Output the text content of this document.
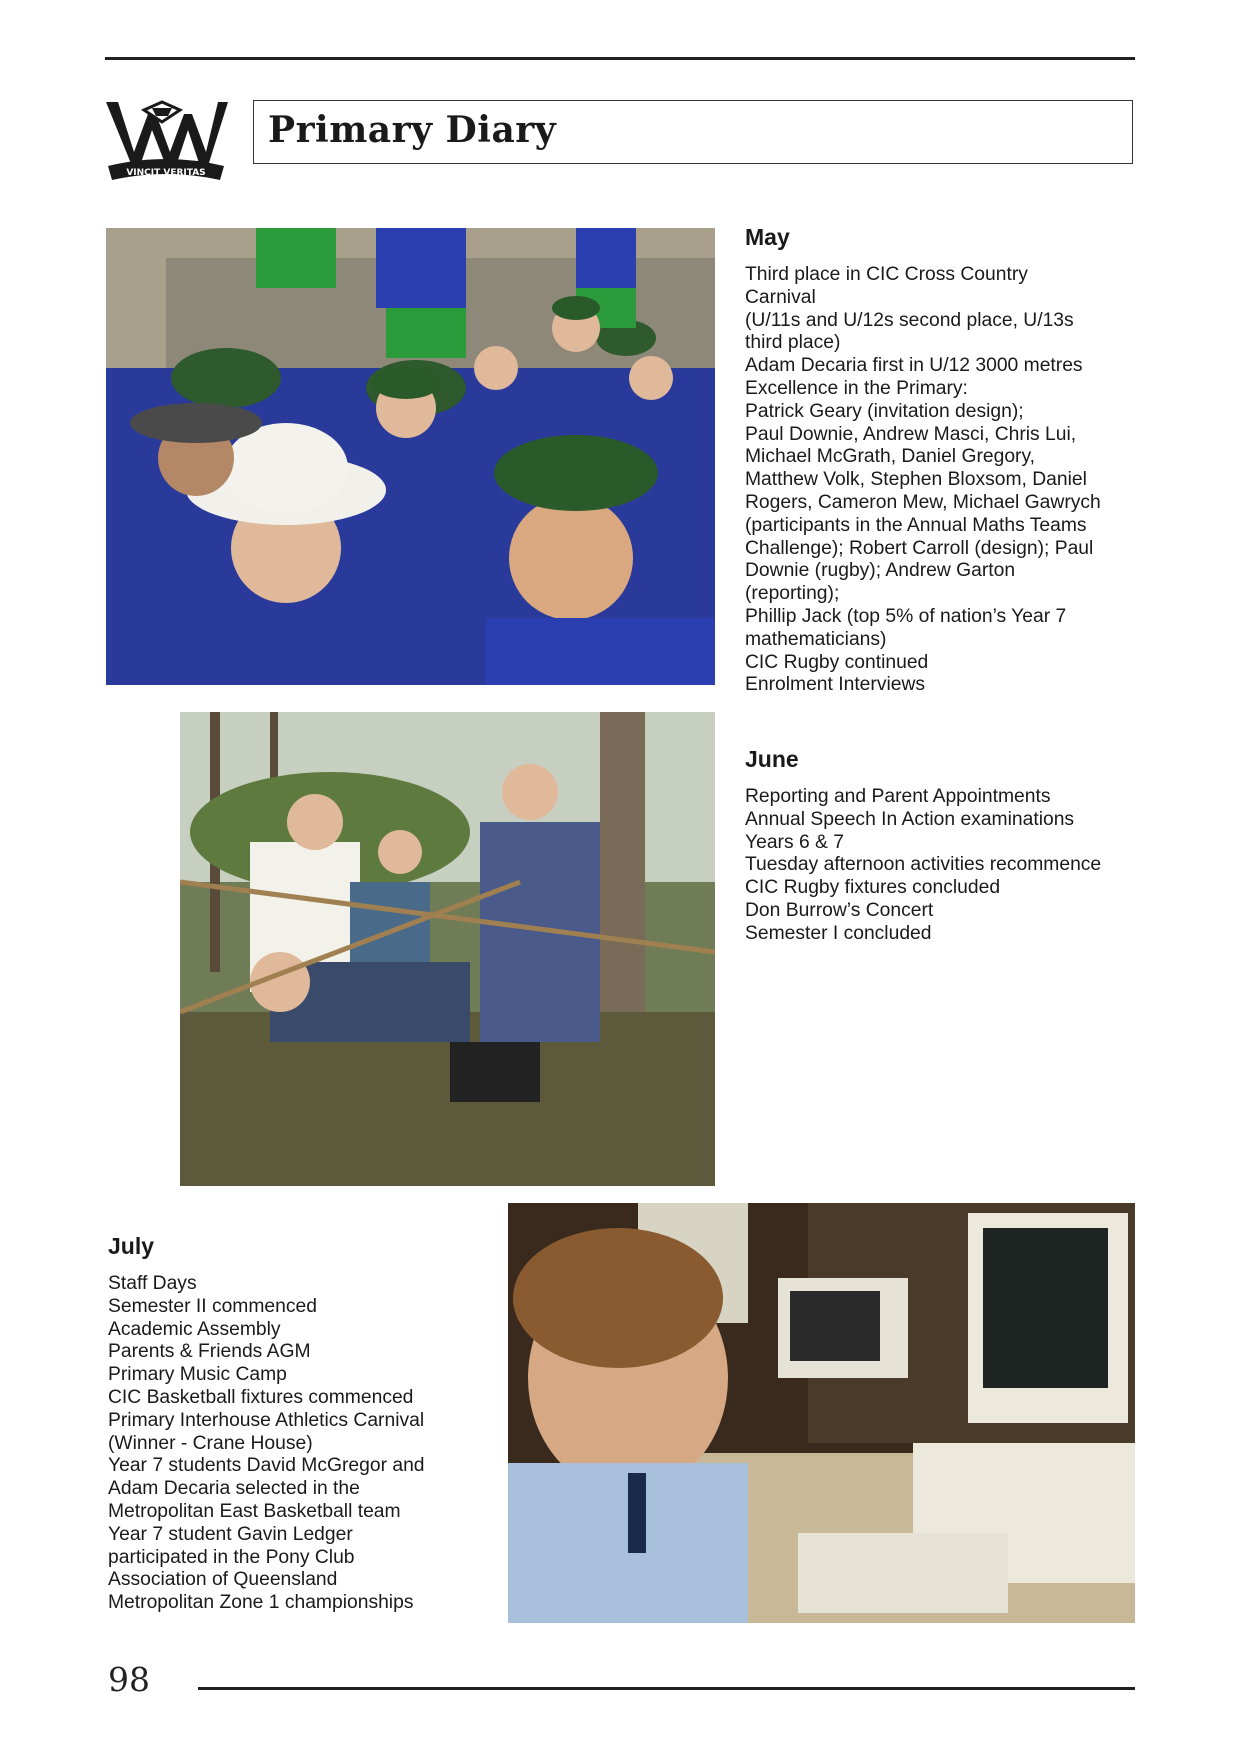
VINCIT VERITAS
Primary Diary
May
Third place in CIC Cross Country
Carnival
(U/11s and U/12s second place, U/13s
third place)
Adam Decaria first in U/12 3000 metres
Excellence in the Primary:
Patrick Geary (invitation design);
Paul Downie, Andrew Masci, Chris Lui,
Michael McGrath, Daniel Gregory,
Matthew Volk, Stephen Bloxsom, Daniel
Rogers, Cameron Mew, Michael Gawrych
(participants in the Annual Maths Teams
Challenge); Robert Carroll (design); Paul
Downie (rugby); Andrew Garton
(reporting);
Phillip Jack (top 5% of nation’s Year 7
mathematicians)
CIC Rugby continued
Enrolment Interviews
June
Reporting and Parent Appointments
Annual Speech In Action examinations
Years 6 & 7
Tuesday afternoon activities recommence
CIC Rugby fixtures concluded
Don Burrow’s Concert
Semester I concluded
July
Staff Days
Semester II commenced
Academic Assembly
Parents & Friends AGM
Primary Music Camp
CIC Basketball fixtures commenced
Primary Interhouse Athletics Carnival
(Winner - Crane House)
Year 7 students David McGregor and
Adam Decaria selected in the
Metropolitan East Basketball team
Year 7 student Gavin Ledger
participated in the Pony Club
Association of Queensland
Metropolitan Zone 1 championships
98
